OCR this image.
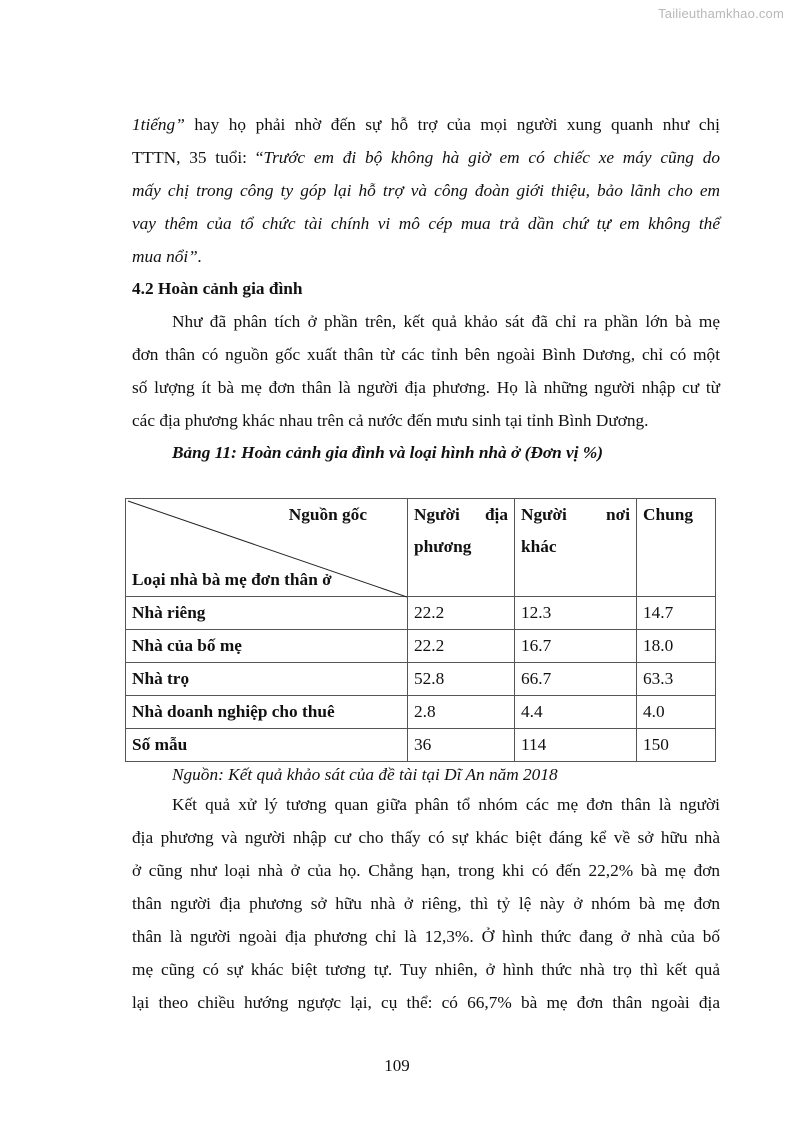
Tailieuthamkhao.com
1tiếng” hay họ phải nhờ đến sự hỗ trợ của mọi người xung quanh như chị
TTTN, 35 tuổi: “Trước em đi bộ không hà giờ em có chiếc xe máy cũng do
mấy chị trong công ty góp lại hỗ trợ và công đoàn giới thiệu, bảo lãnh cho em
vay thêm của tổ chức tài chính vi mô cép mua trả dần chứ tự em không thể
mua nổi”.
4.2 Hoàn cảnh gia đình
Như đã phân tích ở phần trên, kết quả khảo sát đã chỉ ra phần lớn bà mẹ
đơn thân có nguồn gốc xuất thân từ các tỉnh bên ngoài Bình Dương, chỉ có một
số lượng ít bà mẹ đơn thân là người địa phương. Họ là những người nhập cư từ
các địa phương khác nhau trên cả nước đến mưu sinh tại tỉnh Bình Dương.
Bảng 11: Hoàn cảnh gia đình và loại hình nhà ở (Đơn vị %)
Nguồn gốc
Loại nhà bà mẹ đơn thân ở

Người địa
phương

Người nơi
khác

Chung

Nhà riêng	22.2	12.3	14.7
Nhà của bố mẹ	22.2	16.7	18.0
Nhà trọ	52.8	66.7	63.3
Nhà doanh nghiệp cho thuê	2.8	4.4	4.0
Số mẫu	36	114	150
Nguồn: Kết quả khảo sát của đề tài tại Dĩ An năm 2018
Kết quả xử lý tương quan giữa phân tổ nhóm các mẹ đơn thân là người
địa phương và người nhập cư cho thấy có sự khác biệt đáng kể về sở hữu nhà
ở cũng như loại nhà ở của họ. Chẳng hạn, trong khi có đến 22,2% bà mẹ đơn
thân người địa phương sở hữu nhà ở riêng, thì tỷ lệ này ở nhóm bà mẹ đơn
thân là người ngoài địa phương chỉ là 12,3%. Ở hình thức đang ở nhà của bố
mẹ cũng có sự khác biệt tương tự. Tuy nhiên, ở hình thức nhà trọ thì kết quả
lại theo chiều hướng ngược lại, cụ thể: có 66,7% bà mẹ đơn thân ngoài địa
109
